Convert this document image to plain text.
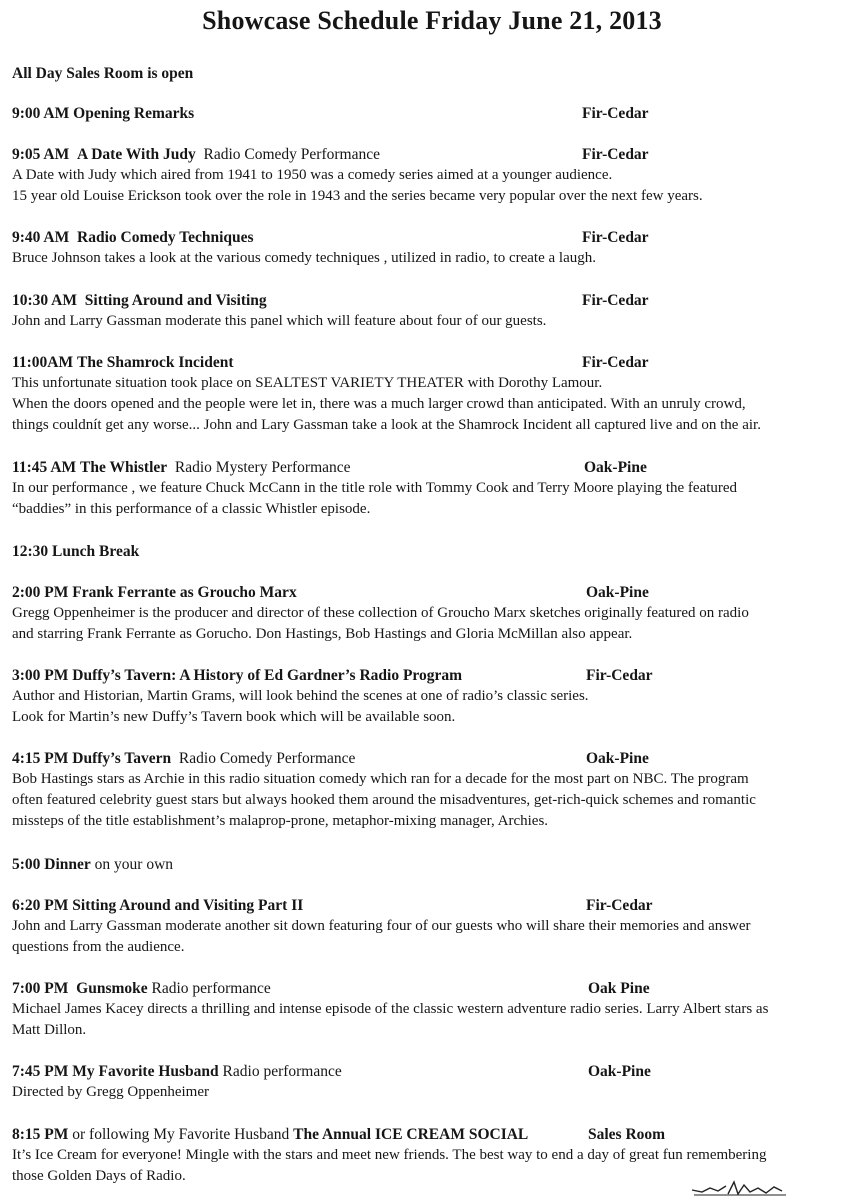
Showcase Schedule Friday June 21, 2013
All Day Sales Room is open
9:00 AM Opening Remarks	Fir-Cedar
9:05 AM A Date With Judy Radio Comedy Performance	Fir-Cedar

A Date with Judy which aired from 1941 to 1950 was a comedy series aimed at a younger audience.

15 year old Louise Erickson took over the role in 1943 and the series became very popular over the next few years.

9:40 AM Radio Comedy Techniques	Fir-Cedar

Bruce Johnson takes a look at the various comedy techniques , utilized in radio, to create a laugh.

10:30 AM Sitting Around and Visiting	Fir-Cedar

John and Larry Gassman moderate this panel which will feature about four of our guests.

11:00AM The Shamrock Incident	Fir-Cedar

This unfortunate situation took place on SEALTEST VARIETY THEATER with Dorothy Lamour.

When the doors opened and the people were let in, there was a much larger crowd than anticipated. With an unruly crowd,

things couldnít get any worse... John and Lary Gassman take a look at the Shamrock Incident all captured live and on the air.

11:45 AM The Whistler Radio Mystery Performance	Oak-Pine

In our performance , we feature Chuck McCann in the title role with Tommy Cook and Terry Moore playing the featured

“baddies” in this performance of a classic Whistler episode.

12:30 Lunch Break
2:00 PM Frank Ferrante as Groucho Marx	Oak-Pine

Gregg Oppenheimer is the producer and director of these collection of Groucho Marx sketches originally featured on radio

and starring Frank Ferrante as Gorucho. Don Hastings, Bob Hastings and Gloria McMillan also appear.

3:00 PM Duffy’s Tavern: A History of Ed Gardner’s Radio Program	Fir-Cedar

Author and Historian, Martin Grams, will look behind the scenes at one of radio’s classic series.

Look for Martin’s new Duffy’s Tavern book which will be available soon.

4:15 PM Duffy’s Tavern Radio Comedy Performance	Oak-Pine

Bob Hastings stars as Archie in this radio situation comedy which ran for a decade for the most part on NBC. The program

often featured celebrity guest stars but always hooked them around the misadventures, get-rich-quick schemes and romantic

missteps of the title establishment’s malaprop-prone, metaphor-mixing manager, Archies.

5:00 Dinner on your own
6:20 PM Sitting Around and Visiting Part II	Fir-Cedar

John and Larry Gassman moderate another sit down featuring four of our guests who will share their memories and answer

questions from the audience.

7:00 PM Gunsmoke Radio performance	Oak Pine

Michael James Kacey directs a thrilling and intense episode of the classic western adventure radio series. Larry Albert stars as

Matt Dillon.

7:45 PM My Favorite Husband Radio performance	Oak-Pine

Directed by Gregg Oppenheimer

8:15 PM or following My Favorite Husband The Annual ICE CREAM SOCIAL	Sales Room

It’s Ice Cream for everyone! Mingle with the stars and meet new friends. The best way to end a day of great fun remembering

those Golden Days of Radio.
